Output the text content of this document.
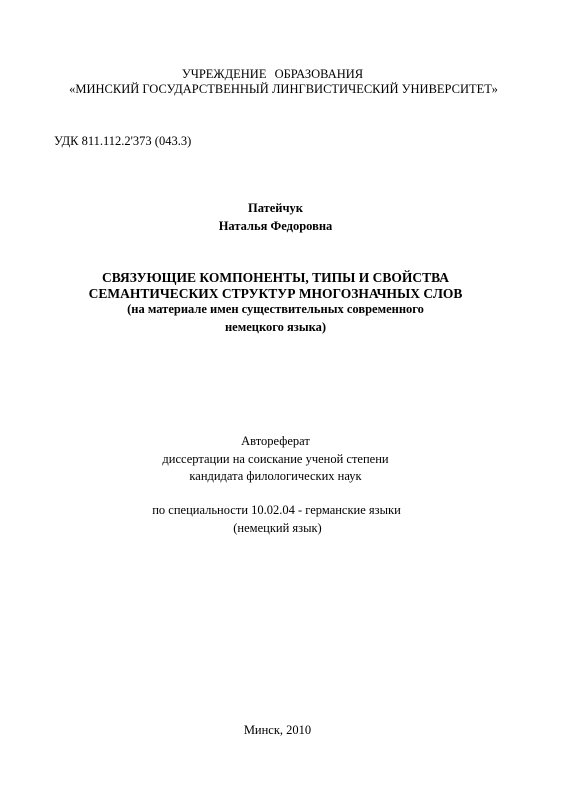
УЧРЕЖДЕНИЕ ОБРАЗОВАНИЯ
«МИНСКИЙ ГОСУДАРСТВЕННЫЙ ЛИНГВИСТИЧЕСКИЙ УНИВЕРСИТЕТ»
УДК 811.112.2'373 (043.3)
Патейчук
Наталья Федоровна
СВЯЗУЮЩИЕ КОМПОНЕНТЫ, ТИПЫ И СВОЙСТВА
СЕМАНТИЧЕСКИХ СТРУКТУР МНОГОЗНАЧНЫХ СЛОВ
(на материале имен существительных современного
немецкого языка)
Автореферат
диссертации на соискание ученой степени
кандидата филологических наук
по специальности 10.02.04 - германские языки
(немецкий язык)
Минск, 2010
